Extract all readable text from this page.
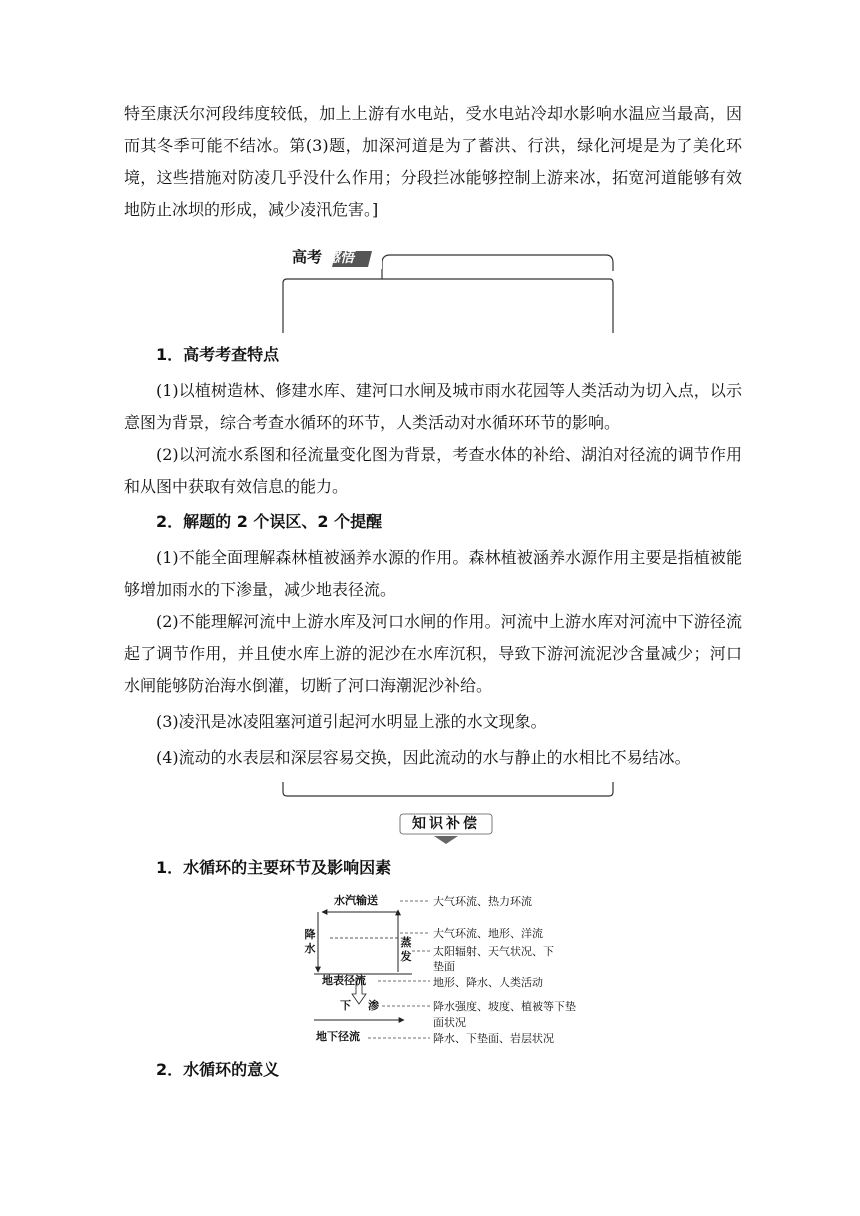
特至康沃尔河段纬度较低，加上上游有水电站，受水电站冷却水影响水温应当最高，因而其冬季可能不结冰。第(3)题，加深河道是为了蓄洪、行洪，绿化河堤是为了美化环境，这些措施对防凌几乎没什么作用；分段拦冰能够控制上游来冰，拓宽河道能够有效地防止冰坝的形成，减少凌汛危害。]

高考 感悟
1．高考考查特点

(1)以植树造林、修建水库、建河口水闸及城市雨水花园等人类活动为切入点，以示意图为背景，综合考查水循环的环节，人类活动对水循环环节的影响。

(2)以河流水系图和径流量变化图为背景，考查水体的补给、湖泊对径流的调节作用和从图中获取有效信息的能力。

2．解题的 2 个误区、2 个提醒

(1)不能全面理解森林植被涵养水源的作用。森林植被涵养水源作用主要是指植被能够增加雨水的下渗量，减少地表径流。

(2)不能理解河流中上游水库及河口水闸的作用。河流中上游水库对河流中下游径流起了调节作用，并且使水库上游的泥沙在水库沉积，导致下游河流泥沙含量减少；河口水闸能够防治海水倒灌，切断了河口海潮泥沙补给。

(3)凌汛是冰凌阻塞河道引起河水明显上涨的水文现象。

(4)流动的水表层和深层容易交换，因此流动的水与静止的水相比不易结冰。

知识补偿
1．水循环的主要环节及影响因素
水汽输送
降水	蒸发
地表径流
下 渗
地下径流
大气环流、热力环流
大气环流、地形、洋流
太阳辐射、天气状况、下
垫面
地形、降水、人类活动
降水强度、坡度、植被等下垫
面状况
降水、下垫面、岩层状况
2．水循环的意义
